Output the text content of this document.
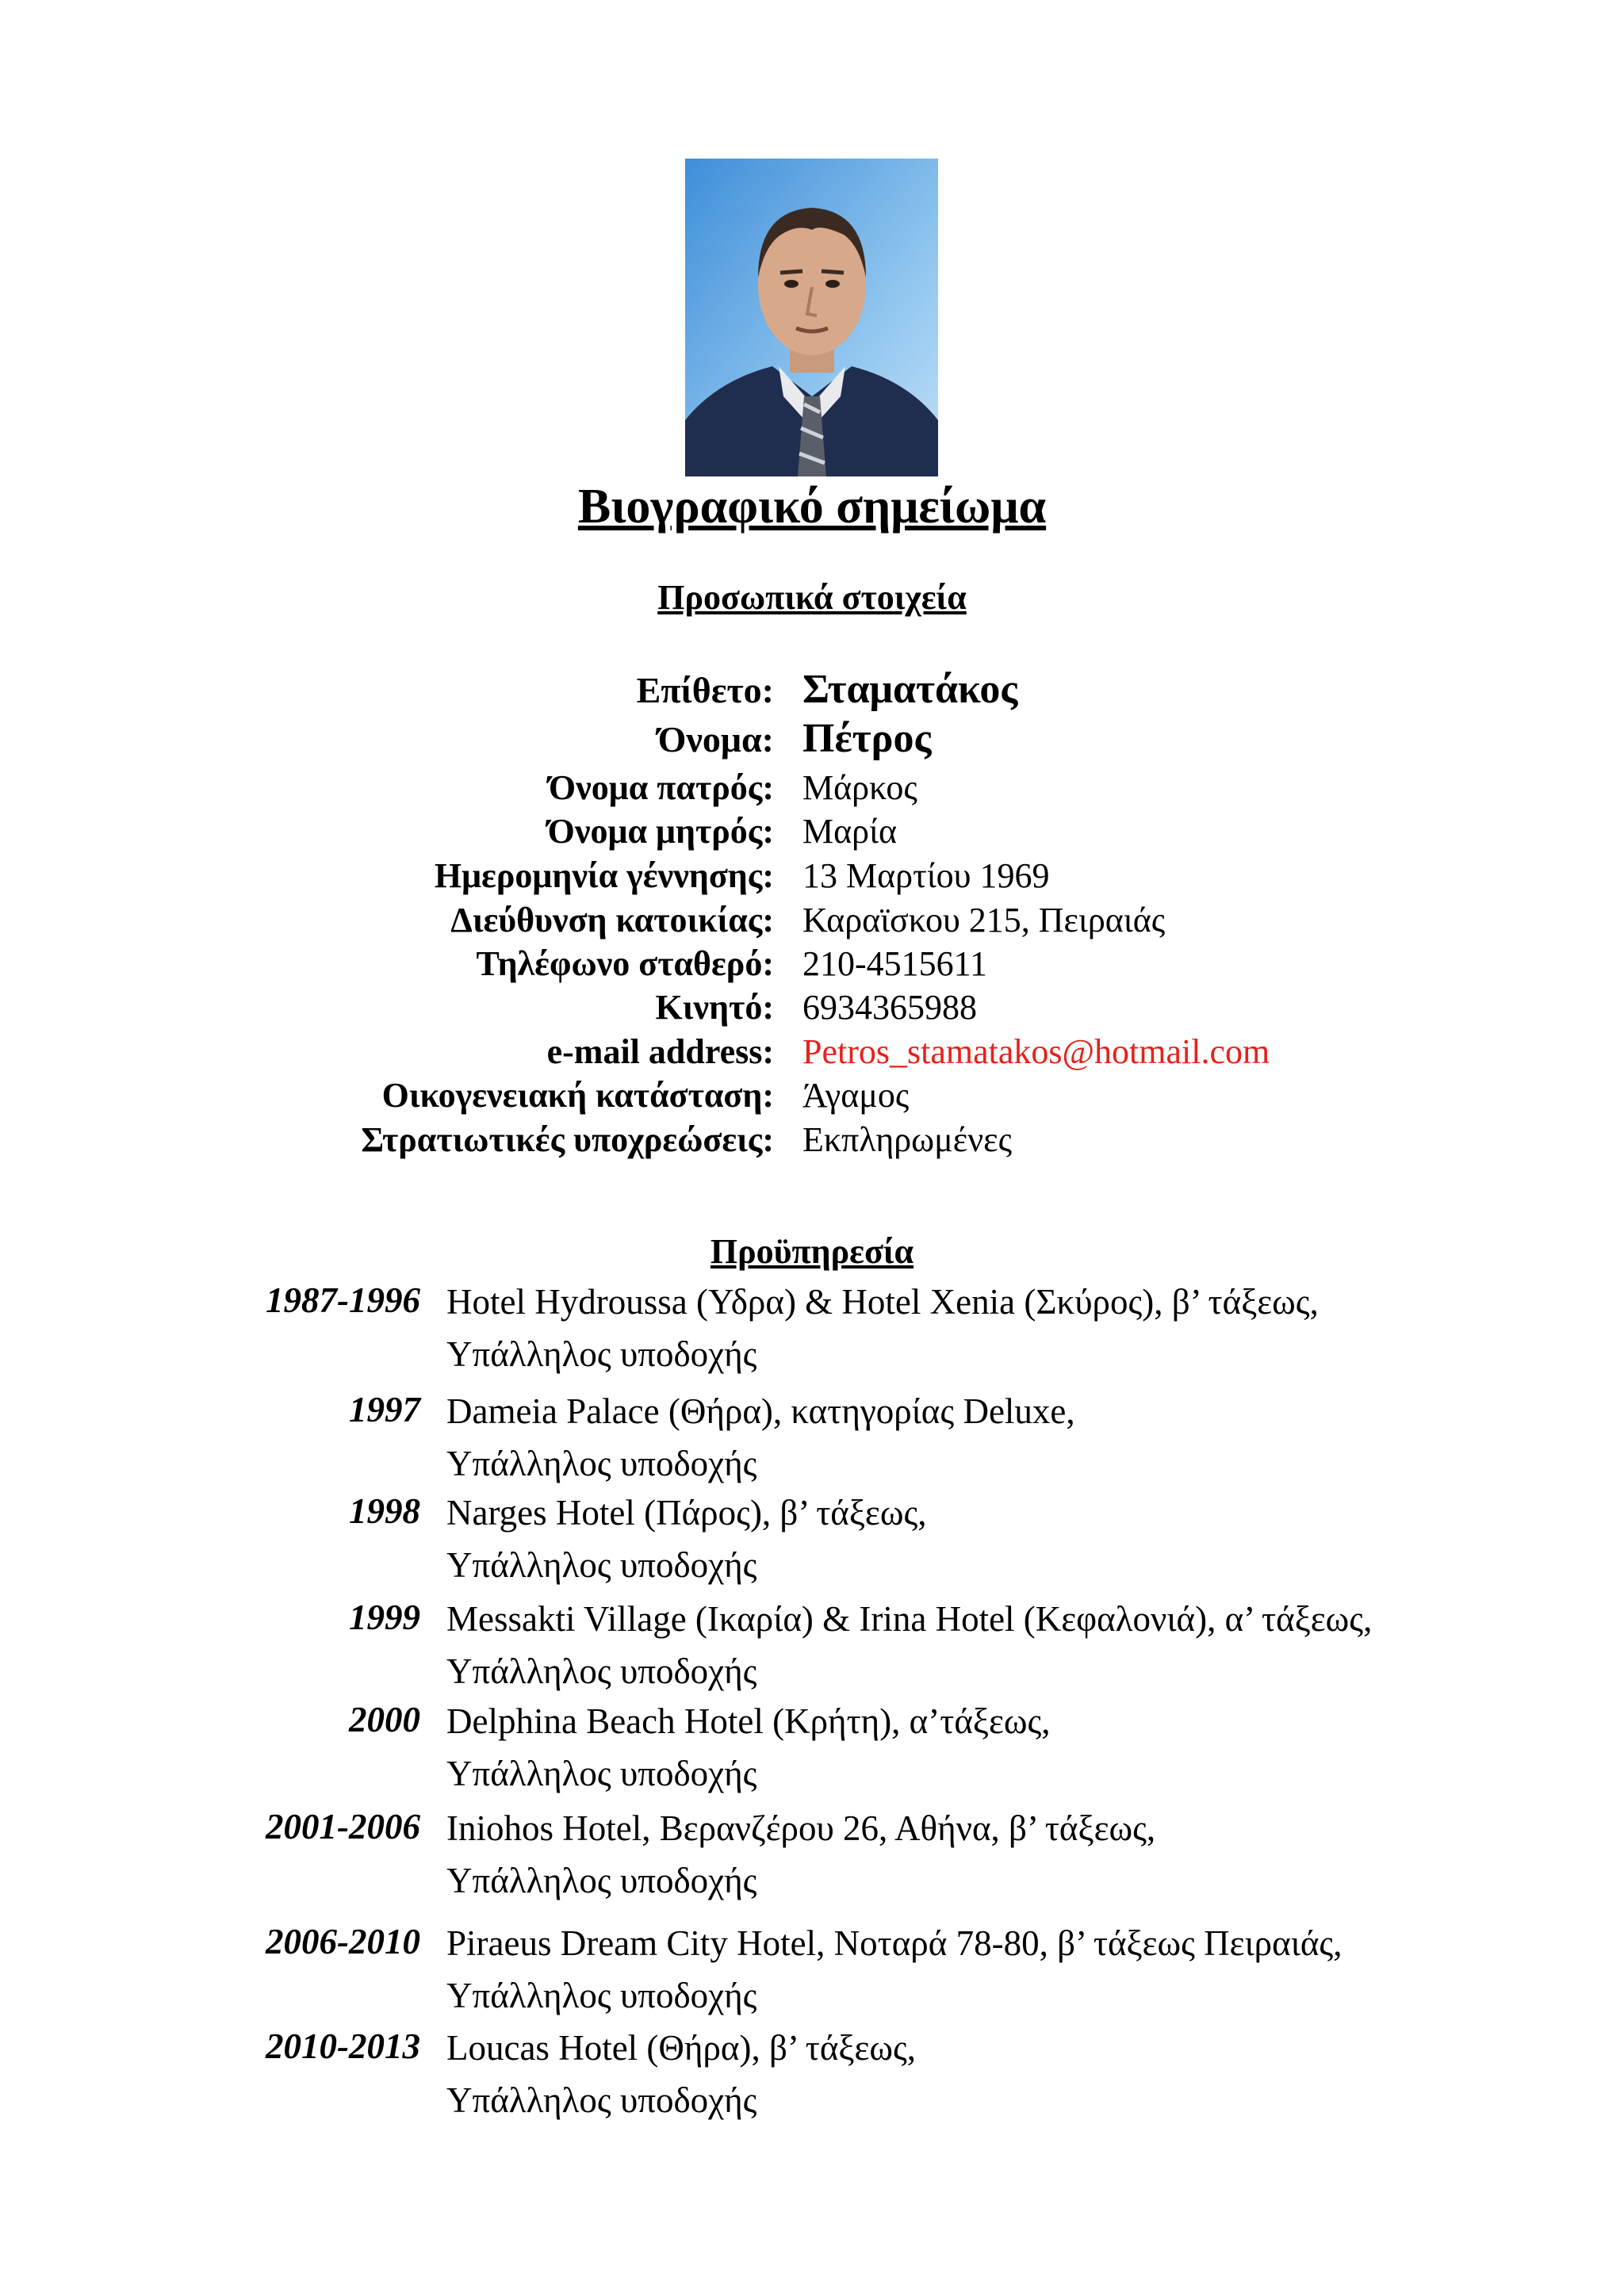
Βιογραφικό σημείωμα
Προσωπικά στοιχεία
Επίθετο: Σταματάκος
Όνομα: Πέτρος
Όνομα πατρός: Μάρκος
Όνομα μητρός: Μαρία
Ημερομηνία γέννησης: 13 Μαρτίου 1969
Διεύθυνση κατοικίας: Καραϊσκου 215, Πειραιάς
Τηλέφωνο σταθερό: 210-4515611
Κινητό: 6934365988
e-mail address: Petros_stamatakos@hotmail.com
Οικογενειακή κατάσταση: Άγαμος
Στρατιωτικές υποχρεώσεις: Εκπληρωμένες
Προϋπηρεσία
1987-1996 Hotel Hydroussa (Υδρα) & Hotel Xenia (Σκύρος), β’ τάξεως,
Υπάλληλος υποδοχής
1997 Dameia Palace (Θήρα), κατηγορίας Deluxe,
Υπάλληλος υποδοχής
1998 Narges Hotel (Πάρος), β’ τάξεως,
Υπάλληλος υποδοχής
1999 Messakti Village (Ικαρία) & Irina Hotel (Κεφαλονιά), α’ τάξεως,
Υπάλληλος υποδοχής
2000 Delphina Beach Hotel (Κρήτη), α’τάξεως,
Υπάλληλος υποδοχής
2001-2006 Iniohos Hotel, Βερανζέρου 26, Αθήνα, β’ τάξεως,
Υπάλληλος υποδοχής
2006-2010 Piraeus Dream City Hotel, Νοταρά 78-80, β’ τάξεως Πειραιάς,
Υπάλληλος υποδοχής
2010-2013 Loucas Hotel (Θήρα), β’ τάξεως,
Υπάλληλος υποδοχής
